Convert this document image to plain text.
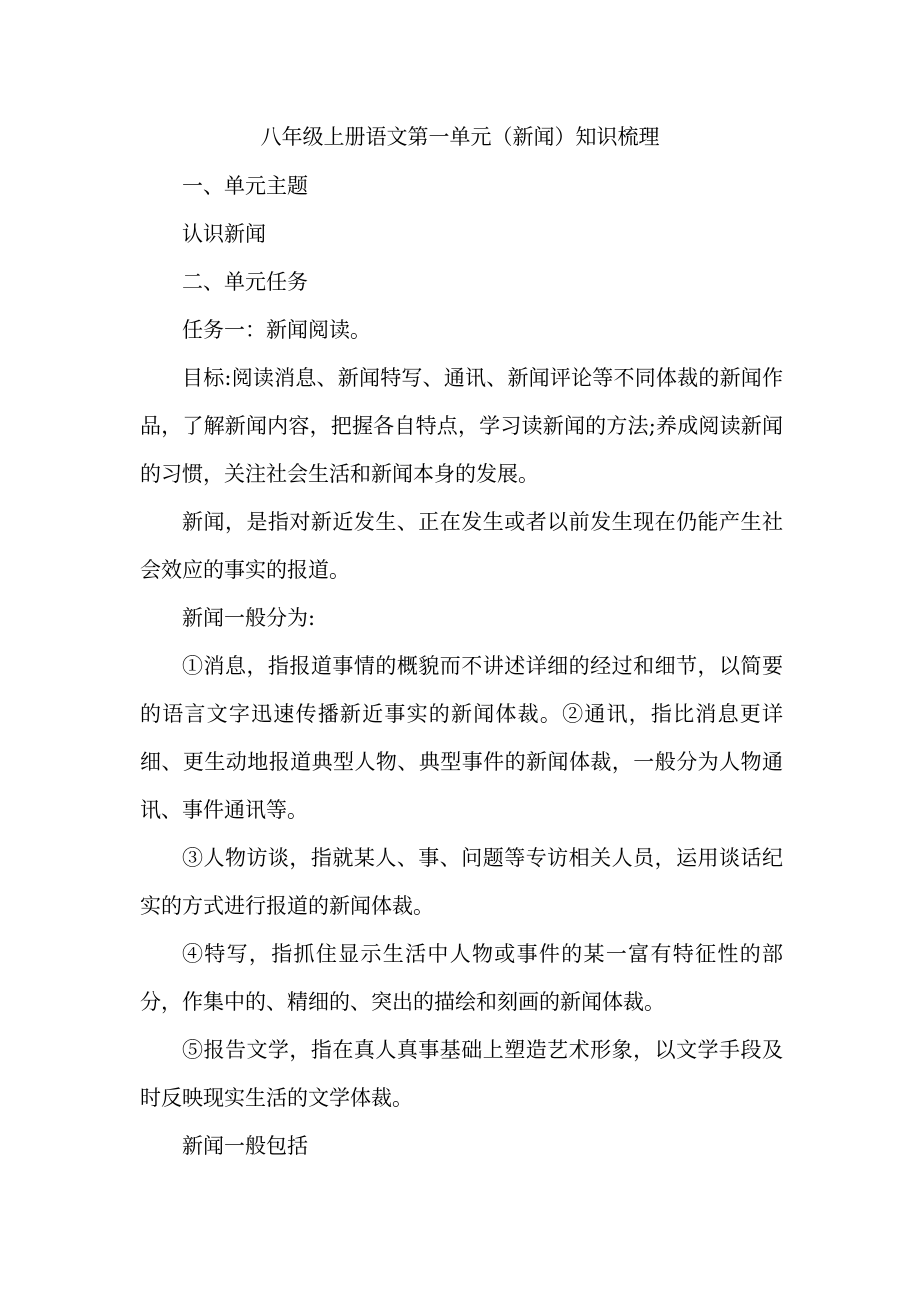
八年级上册语文第一单元（新闻）知识梳理

一、单元主题

认识新闻

二、单元任务

任务一：新闻阅读。

目标:阅读消息、新闻特写、通讯、新闻评论等不同体裁的新闻作品，了解新闻内容，把握各自特点，学习读新闻的方法;养成阅读新闻的习惯，关注社会生活和新闻本身的发展。

新闻，是指对新近发生、正在发生或者以前发生现在仍能产生社会效应的事实的报道。

新闻一般分为:

①消息，指报道事情的概貌而不讲述详细的经过和细节，以简要的语言文字迅速传播新近事实的新闻体裁。②通讯，指比消息更详细、更生动地报道典型人物、典型事件的新闻体裁，一般分为人物通讯、事件通讯等。

③人物访谈，指就某人、事、问题等专访相关人员，运用谈话纪实的方式进行报道的新闻体裁。

④特写，指抓住显示生活中人物或事件的某一富有特征性的部分，作集中的、精细的、突出的描绘和刻画的新闻体裁。

⑤报告文学，指在真人真事基础上塑造艺术形象，以文学手段及时反映现实生活的文学体裁。

新闻一般包括
